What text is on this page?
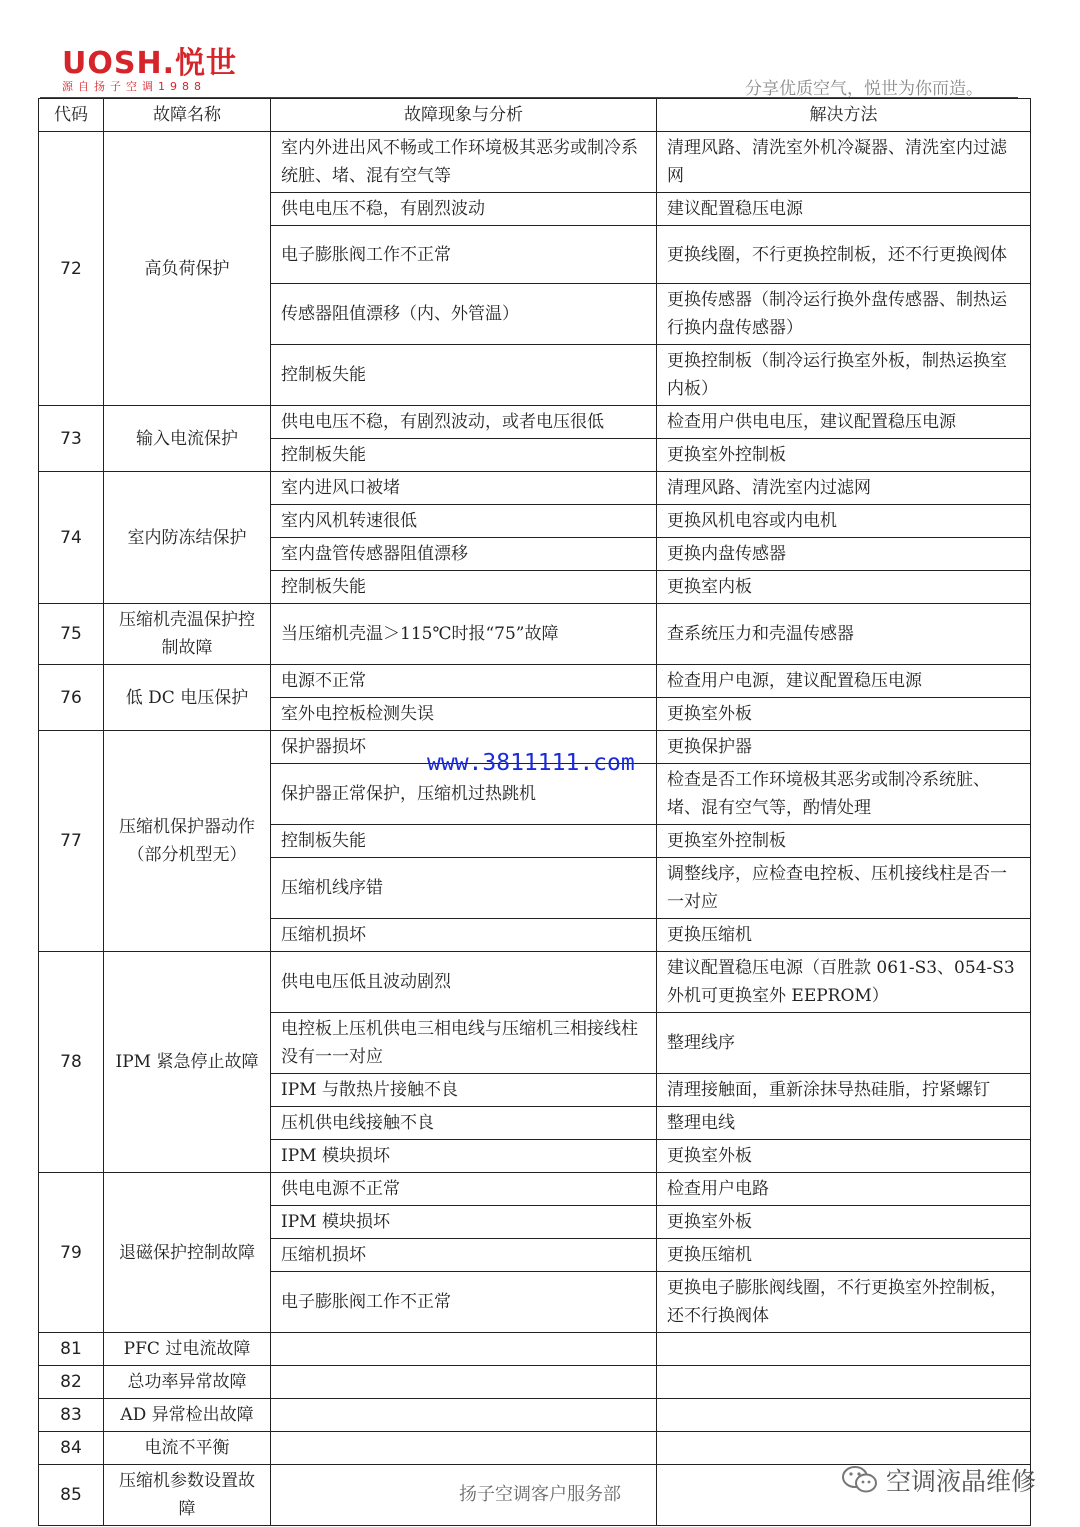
UOSH.悦世
源自扬子空调1988	分享优质空气，悦世为你而造。
代码	故障名称	故障现象与分析	解决方法
72	高负荷保护	室内外进出风不畅或工作环境极其恶劣或制冷系统脏、堵、混有空气等	清理风路、清洗室外机冷凝器、清洗室内过滤网
		供电电压不稳，有剧烈波动	建议配置稳压电源
		电子膨胀阀工作不正常	更换线圈，不行更换控制板，还不行更换阀体
		传感器阻值漂移（内、外管温）	更换传感器（制冷运行换外盘传感器、制热运行换内盘传感器）
		控制板失能	更换控制板（制冷运行换室外板，制热运换室内板）
73	输入电流保护	供电电压不稳，有剧烈波动，或者电压很低	检查用户供电电压，建议配置稳压电源
		控制板失能	更换室外控制板
74	室内防冻结保护	室内进风口被堵	清理风路、清洗室内过滤网
		室内风机转速很低	更换风机电容或内电机
		室内盘管传感器阻值漂移	更换内盘传感器
		控制板失能	更换室内板
75	压缩机壳温保护控制故障	当压缩机壳温＞115℃时报“75”故障	查系统压力和壳温传感器
76	低 DC 电压保护	电源不正常	检查用户电源，建议配置稳压电源
		室外电控板检测失误	更换室外板
77	压缩机保护器动作 （部分机型无）	保护器损坏	更换保护器
		保护器正常保护，压缩机过热跳机	检查是否工作环境极其恶劣或制冷系统脏、堵、混有空气等，酌情处理
		控制板失能	更换室外控制板
		压缩机线序错	调整线序，应检查电控板、压机接线柱是否一一对应
		压缩机损坏	更换压缩机
78	IPM 紧急停止故障	供电电压低且波动剧烈	建议配置稳压电源（百胜款 061-S3、054-S3 外机可更换室外 EEPROM）
		电控板上压机供电三相电线与压缩机三相接线柱没有一一对应	整理线序
		IPM 与散热片接触不良	清理接触面，重新涂抹导热硅脂，拧紧螺钉
		压机供电线接触不良	整理电线
		IPM 模块损坏	更换室外板
79	退磁保护控制故障	供电电源不正常	检查用户电路
		IPM 模块损坏	更换室外板
		压缩机损坏	更换压缩机
		电子膨胀阀工作不正常	更换电子膨胀阀线圈，不行更换室外控制板，还不行换阀体
81	PFC 过电流故障		
82	总功率异常故障		
83	AD 异常检出故障		
84	电流不平衡		
85	压缩机参数设置故障		
www.3811111.com
扬子空调客户服务部	空调液晶维修
